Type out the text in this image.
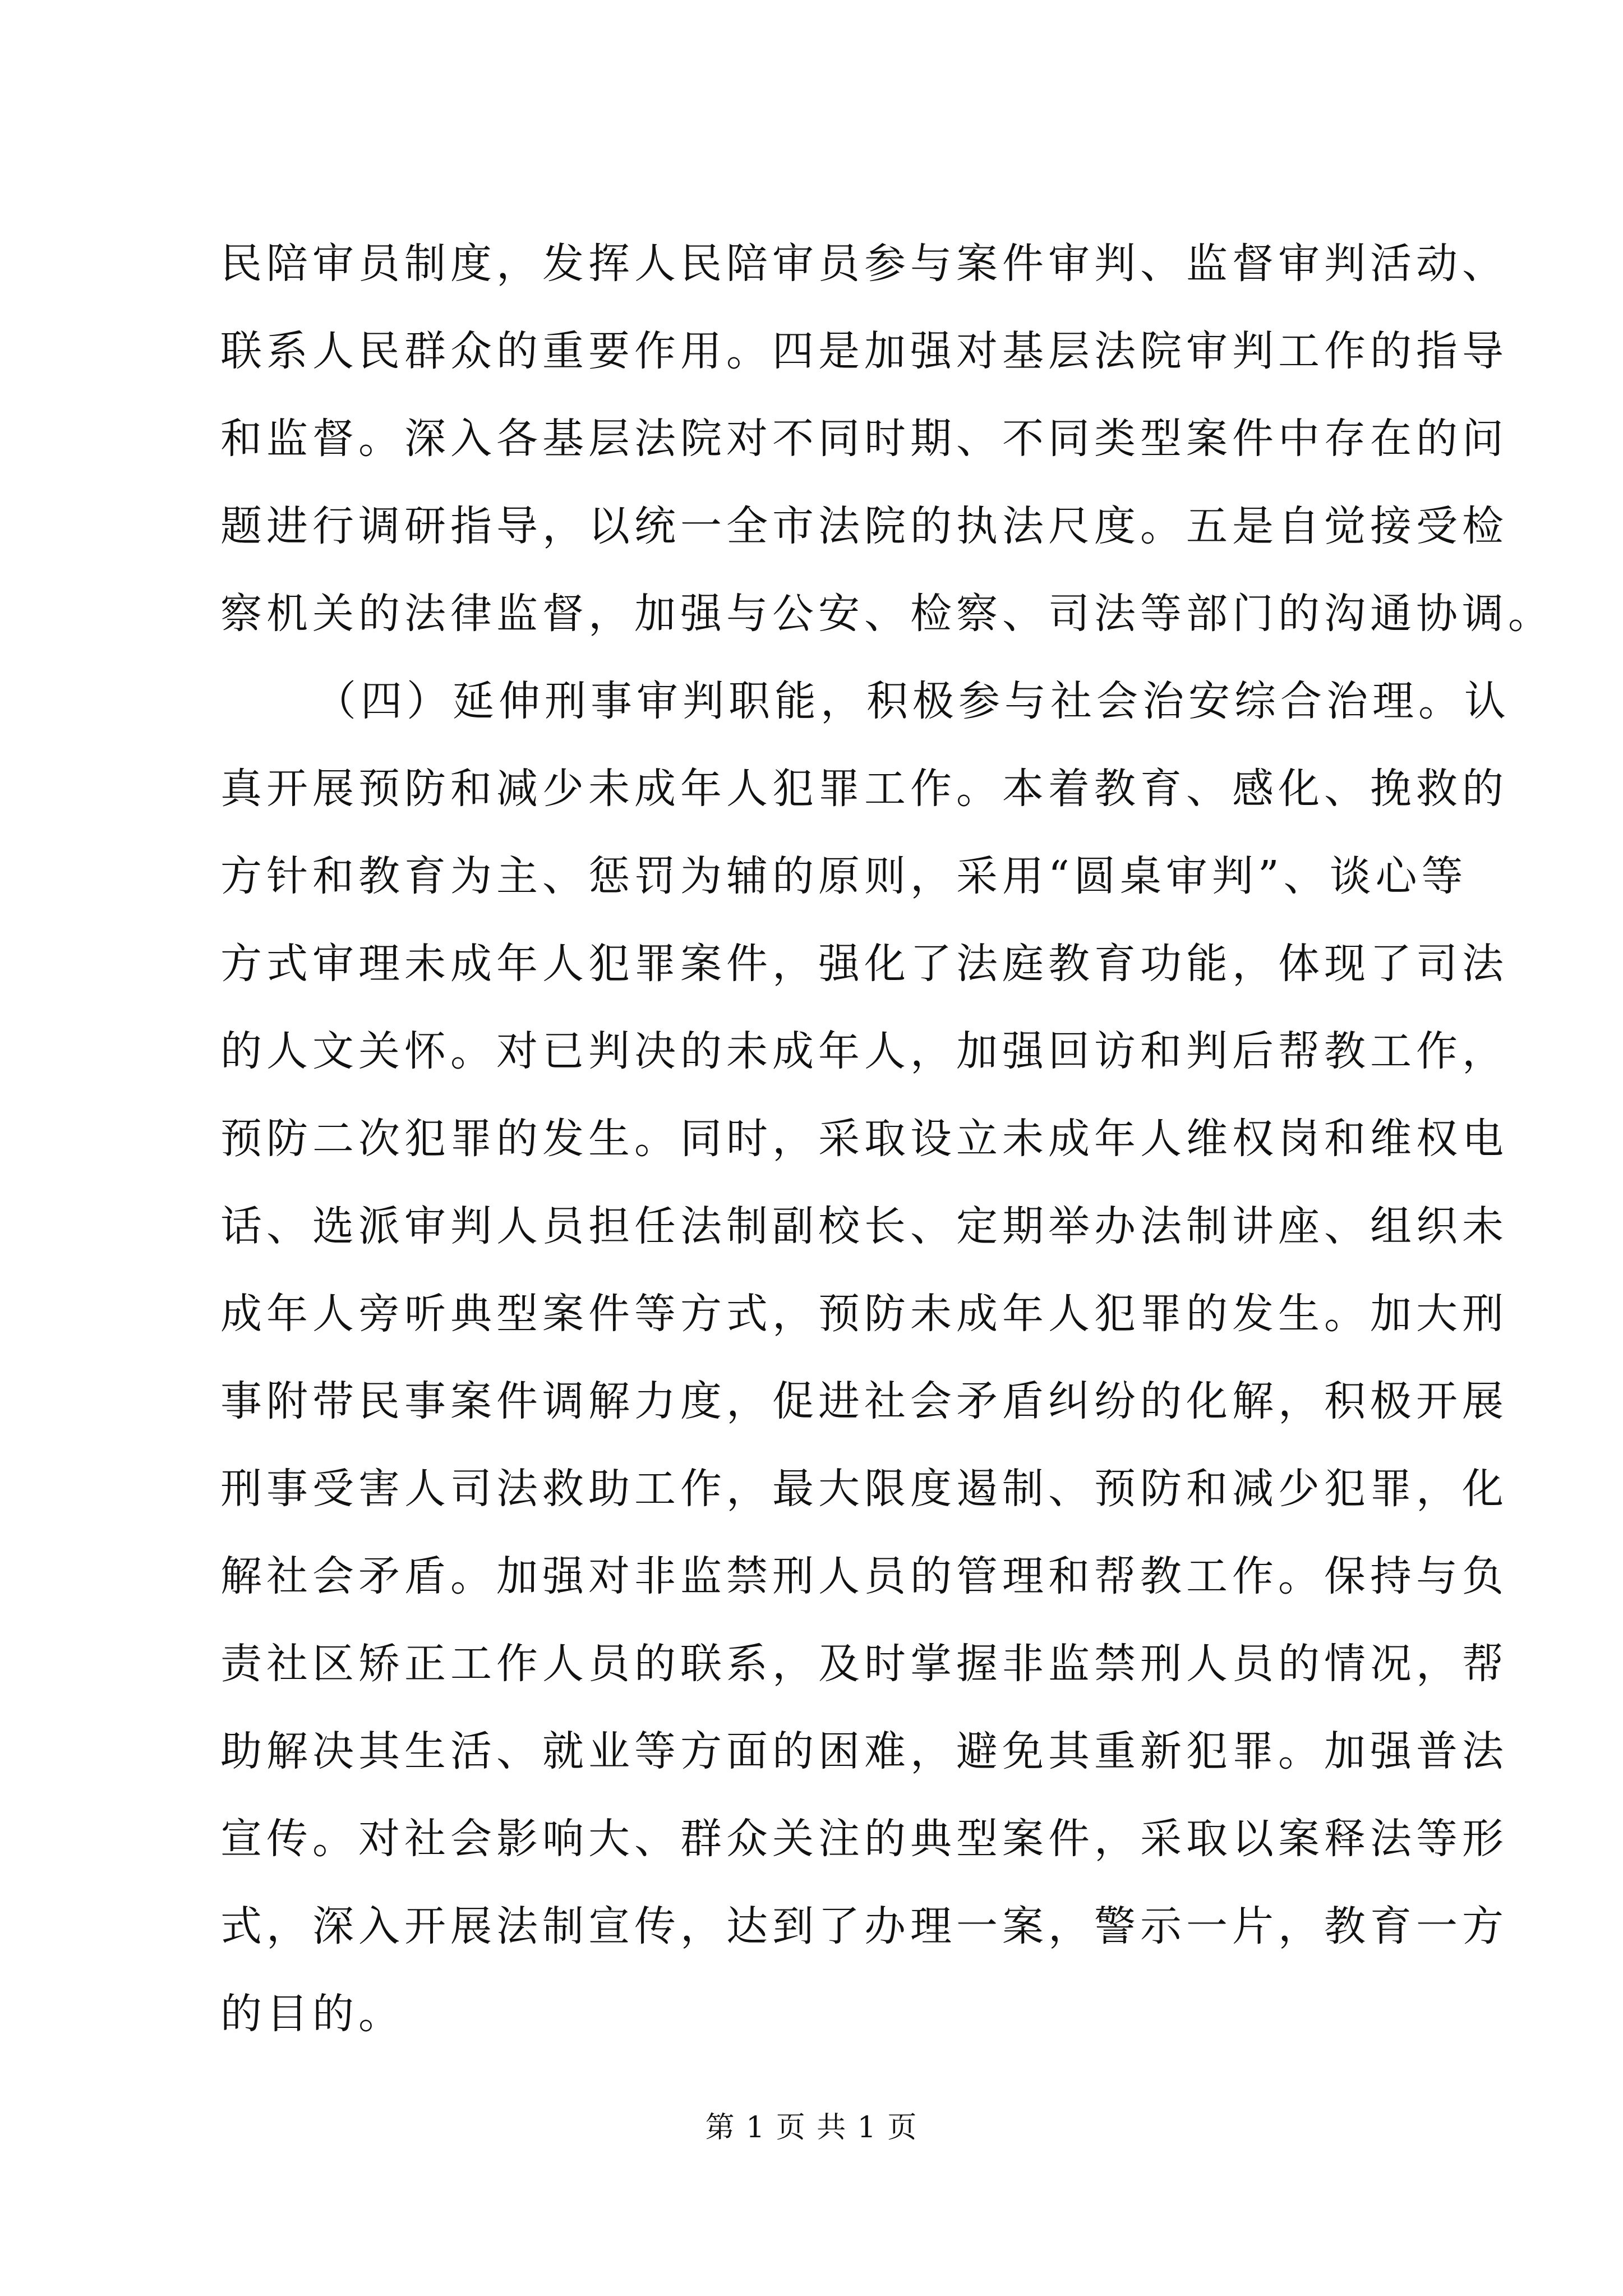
民陪审员制度，发挥人民陪审员参与案件审判、监督审判活动、
联系人民群众的重要作用。四是加强对基层法院审判工作的指导
和监督。深入各基层法院对不同时期、不同类型案件中存在的问
题进行调研指导，以统一全市法院的执法尺度。五是自觉接受检
察机关的法律监督，加强与公安、检察、司法等部门的沟通协调。
（四）延伸刑事审判职能，积极参与社会治安综合治理。认
真开展预防和减少未成年人犯罪工作。本着教育、感化、挽救的
方针和教育为主、惩罚为辅的原则，采用“圆桌审判”、谈心等
方式审理未成年人犯罪案件，强化了法庭教育功能，体现了司法
的人文关怀。对已判决的未成年人，加强回访和判后帮教工作，
预防二次犯罪的发生。同时，采取设立未成年人维权岗和维权电
话、选派审判人员担任法制副校长、定期举办法制讲座、组织未
成年人旁听典型案件等方式，预防未成年人犯罪的发生。加大刑
事附带民事案件调解力度，促进社会矛盾纠纷的化解，积极开展
刑事受害人司法救助工作，最大限度遏制、预防和减少犯罪，化
解社会矛盾。加强对非监禁刑人员的管理和帮教工作。保持与负
责社区矫正工作人员的联系，及时掌握非监禁刑人员的情况，帮
助解决其生活、就业等方面的困难，避免其重新犯罪。加强普法
宣传。对社会影响大、群众关注的典型案件，采取以案释法等形
式，深入开展法制宣传，达到了办理一案，警示一片，教育一方
的目的。
第 1 页 共 1 页
